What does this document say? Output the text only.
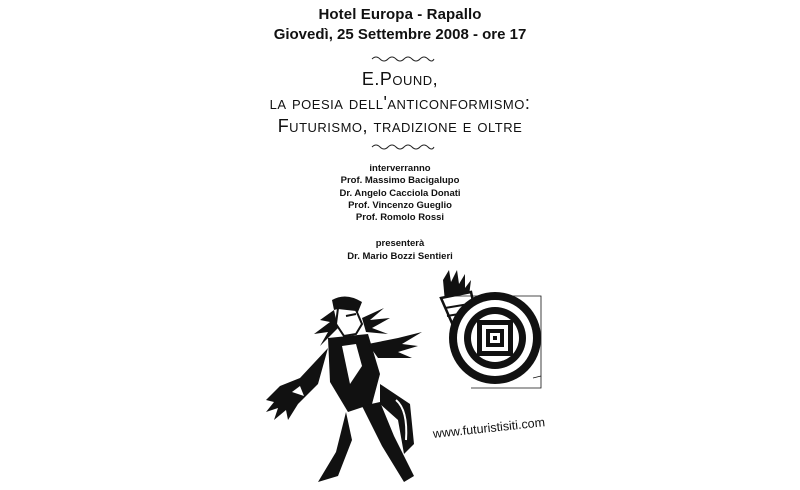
Hotel Europa - Rapallo
Giovedì, 25 Settembre 2008 - ore 17
E.Pound,
la poesia dell'anticonformismo:
Futurismo, tradizione e oltre
interverranno
Prof. Massimo Bacigalupo
Dr. Angelo Cacciola Donati
Prof. Vincenzo Gueglio
Prof. Romolo Rossi
presenterà
Dr. Mario Bozzi Sentieri
www.futuristisiti.com
